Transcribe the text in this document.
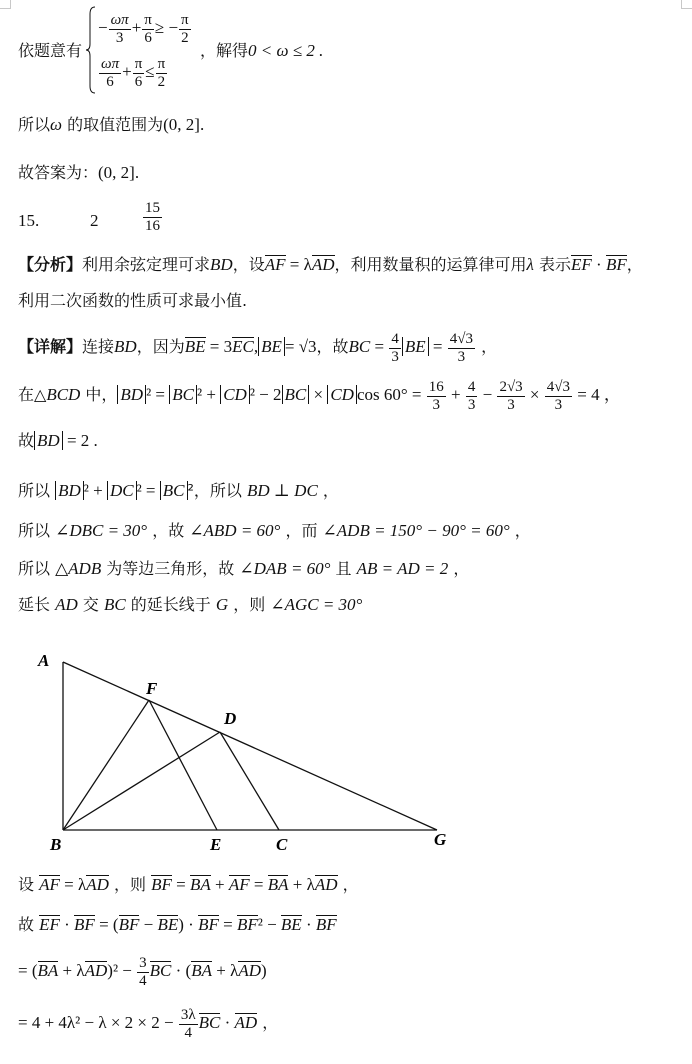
依题意有
− $\frac{\omega\pi}{3} + \frac{\pi}{6}$ ≥ − $\frac{\pi}{2}$
$\frac{\omega\pi}{6} + \frac{\pi}{6} \le \frac{\pi}{2}$
，解得0 < ω ≤ 2 .
所以ω 的取值范围为(0, 2].
故答案为：(0, 2].
15.	2	$\frac{15}{16}$
【分析】利用余弦定理可求BD，设AF = λAD，利用数量积的运算律可用λ 表示EF · BF，
利用二次函数的性质可求最小值.
【详解】连接BD，因为BE = 3EC, BE = √3，故BC = $\frac{4}{3}$ BE = $\frac{4√3}{3}$ ，
在△BCD 中， BD ² = BC ² + CD ² − 2 BC × CD $\cos 60^\circ = \frac{16}{3} + \frac{4}{3} - \frac{2√3}{3} \times \frac{4√3}{3} = 4$ ，
故 BD = 2 .
所以 BD ² + DC ² = BC ²，所以 BD ⊥ DC ，
所以 ∠DBC = 30° ，故 ∠ABD = 60° ，而 ∠ADB = 150° − 90° = 60° ，
所以 △ADB 为等边三角形，故 ∠DAB = 60° 且 AB = AD = 2 ，
延长 AD 交 BC 的延长线于 G ，则 ∠AGC = 30°
A
F
D
B	E	C	G
设 AF = λAD ，则 BF = BA + AF = BA + λAD ，
故 EF · BF = (BF − BE) · BF = BF² − BE · BF
= $(BA + \lambda AD)^2 - \frac{3}{4}$ BC · (BA + λAD)
= $4 + 4\lambda^2 - \lambda \times 2 \times 2 - \frac{3\lambda}{4}$ BC · AD ，
